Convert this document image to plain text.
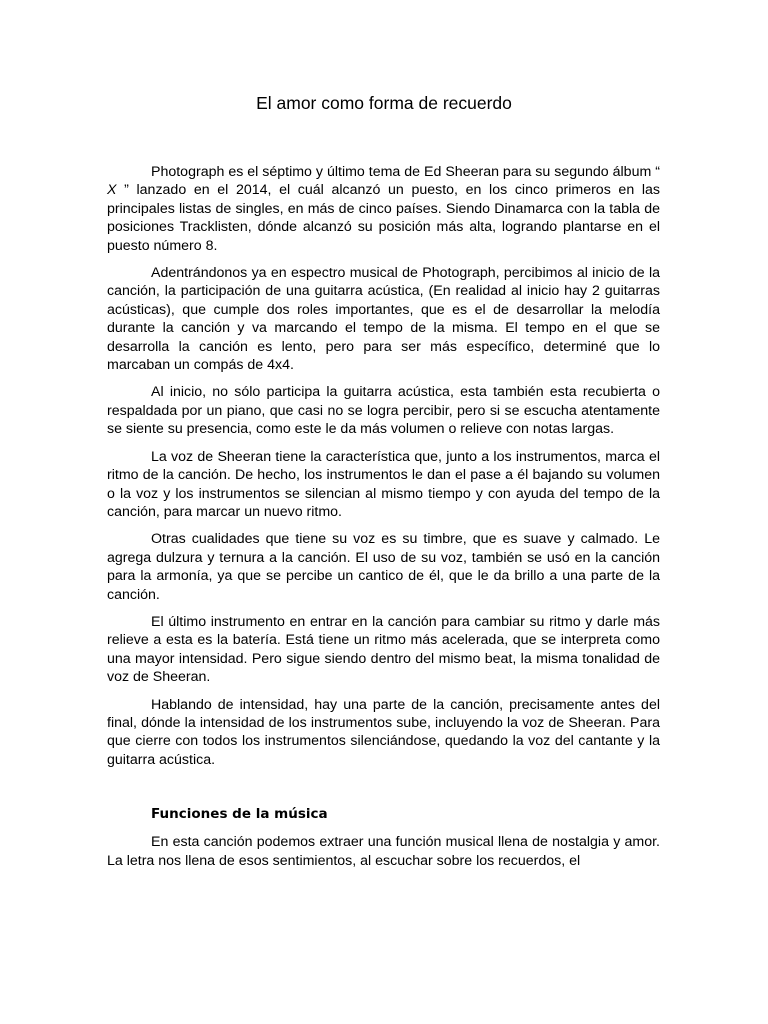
El amor como forma de recuerdo

Photograph es el séptimo y último tema de Ed Sheeran para su segundo álbum “ X ” lanzado en el 2014, el cuál alcanzó un puesto, en los cinco primeros en las principales listas de singles, en más de cinco países. Siendo Dinamarca con la tabla de posiciones Tracklisten, dónde alcanzó su posición más alta, logrando plantarse en el puesto número 8.

Adentrándonos ya en espectro musical de Photograph, percibimos al inicio de la canción, la participación de una guitarra acústica, (En realidad al inicio hay 2 guitarras acústicas), que cumple dos roles importantes, que es el de desarrollar la melodía durante la canción y va marcando el tempo de la misma. El tempo en el que se desarrolla la canción es lento, pero para ser más específico, determiné que lo marcaban un compás de 4x4.

Al inicio, no sólo participa la guitarra acústica, esta también esta recubierta o respaldada por un piano, que casi no se logra percibir, pero si se escucha atentamente se siente su presencia, como este le da más volumen o relieve con notas largas.

La voz de Sheeran tiene la característica que, junto a los instrumentos, marca el ritmo de la canción. De hecho, los instrumentos le dan el pase a él bajando su volumen o la voz y los instrumentos se silencian al mismo tiempo y con ayuda del tempo de la canción, para marcar un nuevo ritmo.

Otras cualidades que tiene su voz es su timbre, que es suave y calmado. Le agrega dulzura y ternura a la canción. El uso de su voz, también se usó en la canción para la armonía, ya que se percibe un cantico de él, que le da brillo a una parte de la canción.

El último instrumento en entrar en la canción para cambiar su ritmo y darle más relieve a esta es la batería. Está tiene un ritmo más acelerada, que se interpreta como una mayor intensidad. Pero sigue siendo dentro del mismo beat, la misma tonalidad de voz de Sheeran.

Hablando de intensidad, hay una parte de la canción, precisamente antes del final, dónde la intensidad de los instrumentos sube, incluyendo la voz de Sheeran. Para que cierre con todos los instrumentos silenciándose, quedando la voz del cantante y la guitarra acústica.

Funciones de la música

En esta canción podemos extraer una función musical llena de nostalgia y amor. La letra nos llena de esos sentimientos, al escuchar sobre los recuerdos, el
